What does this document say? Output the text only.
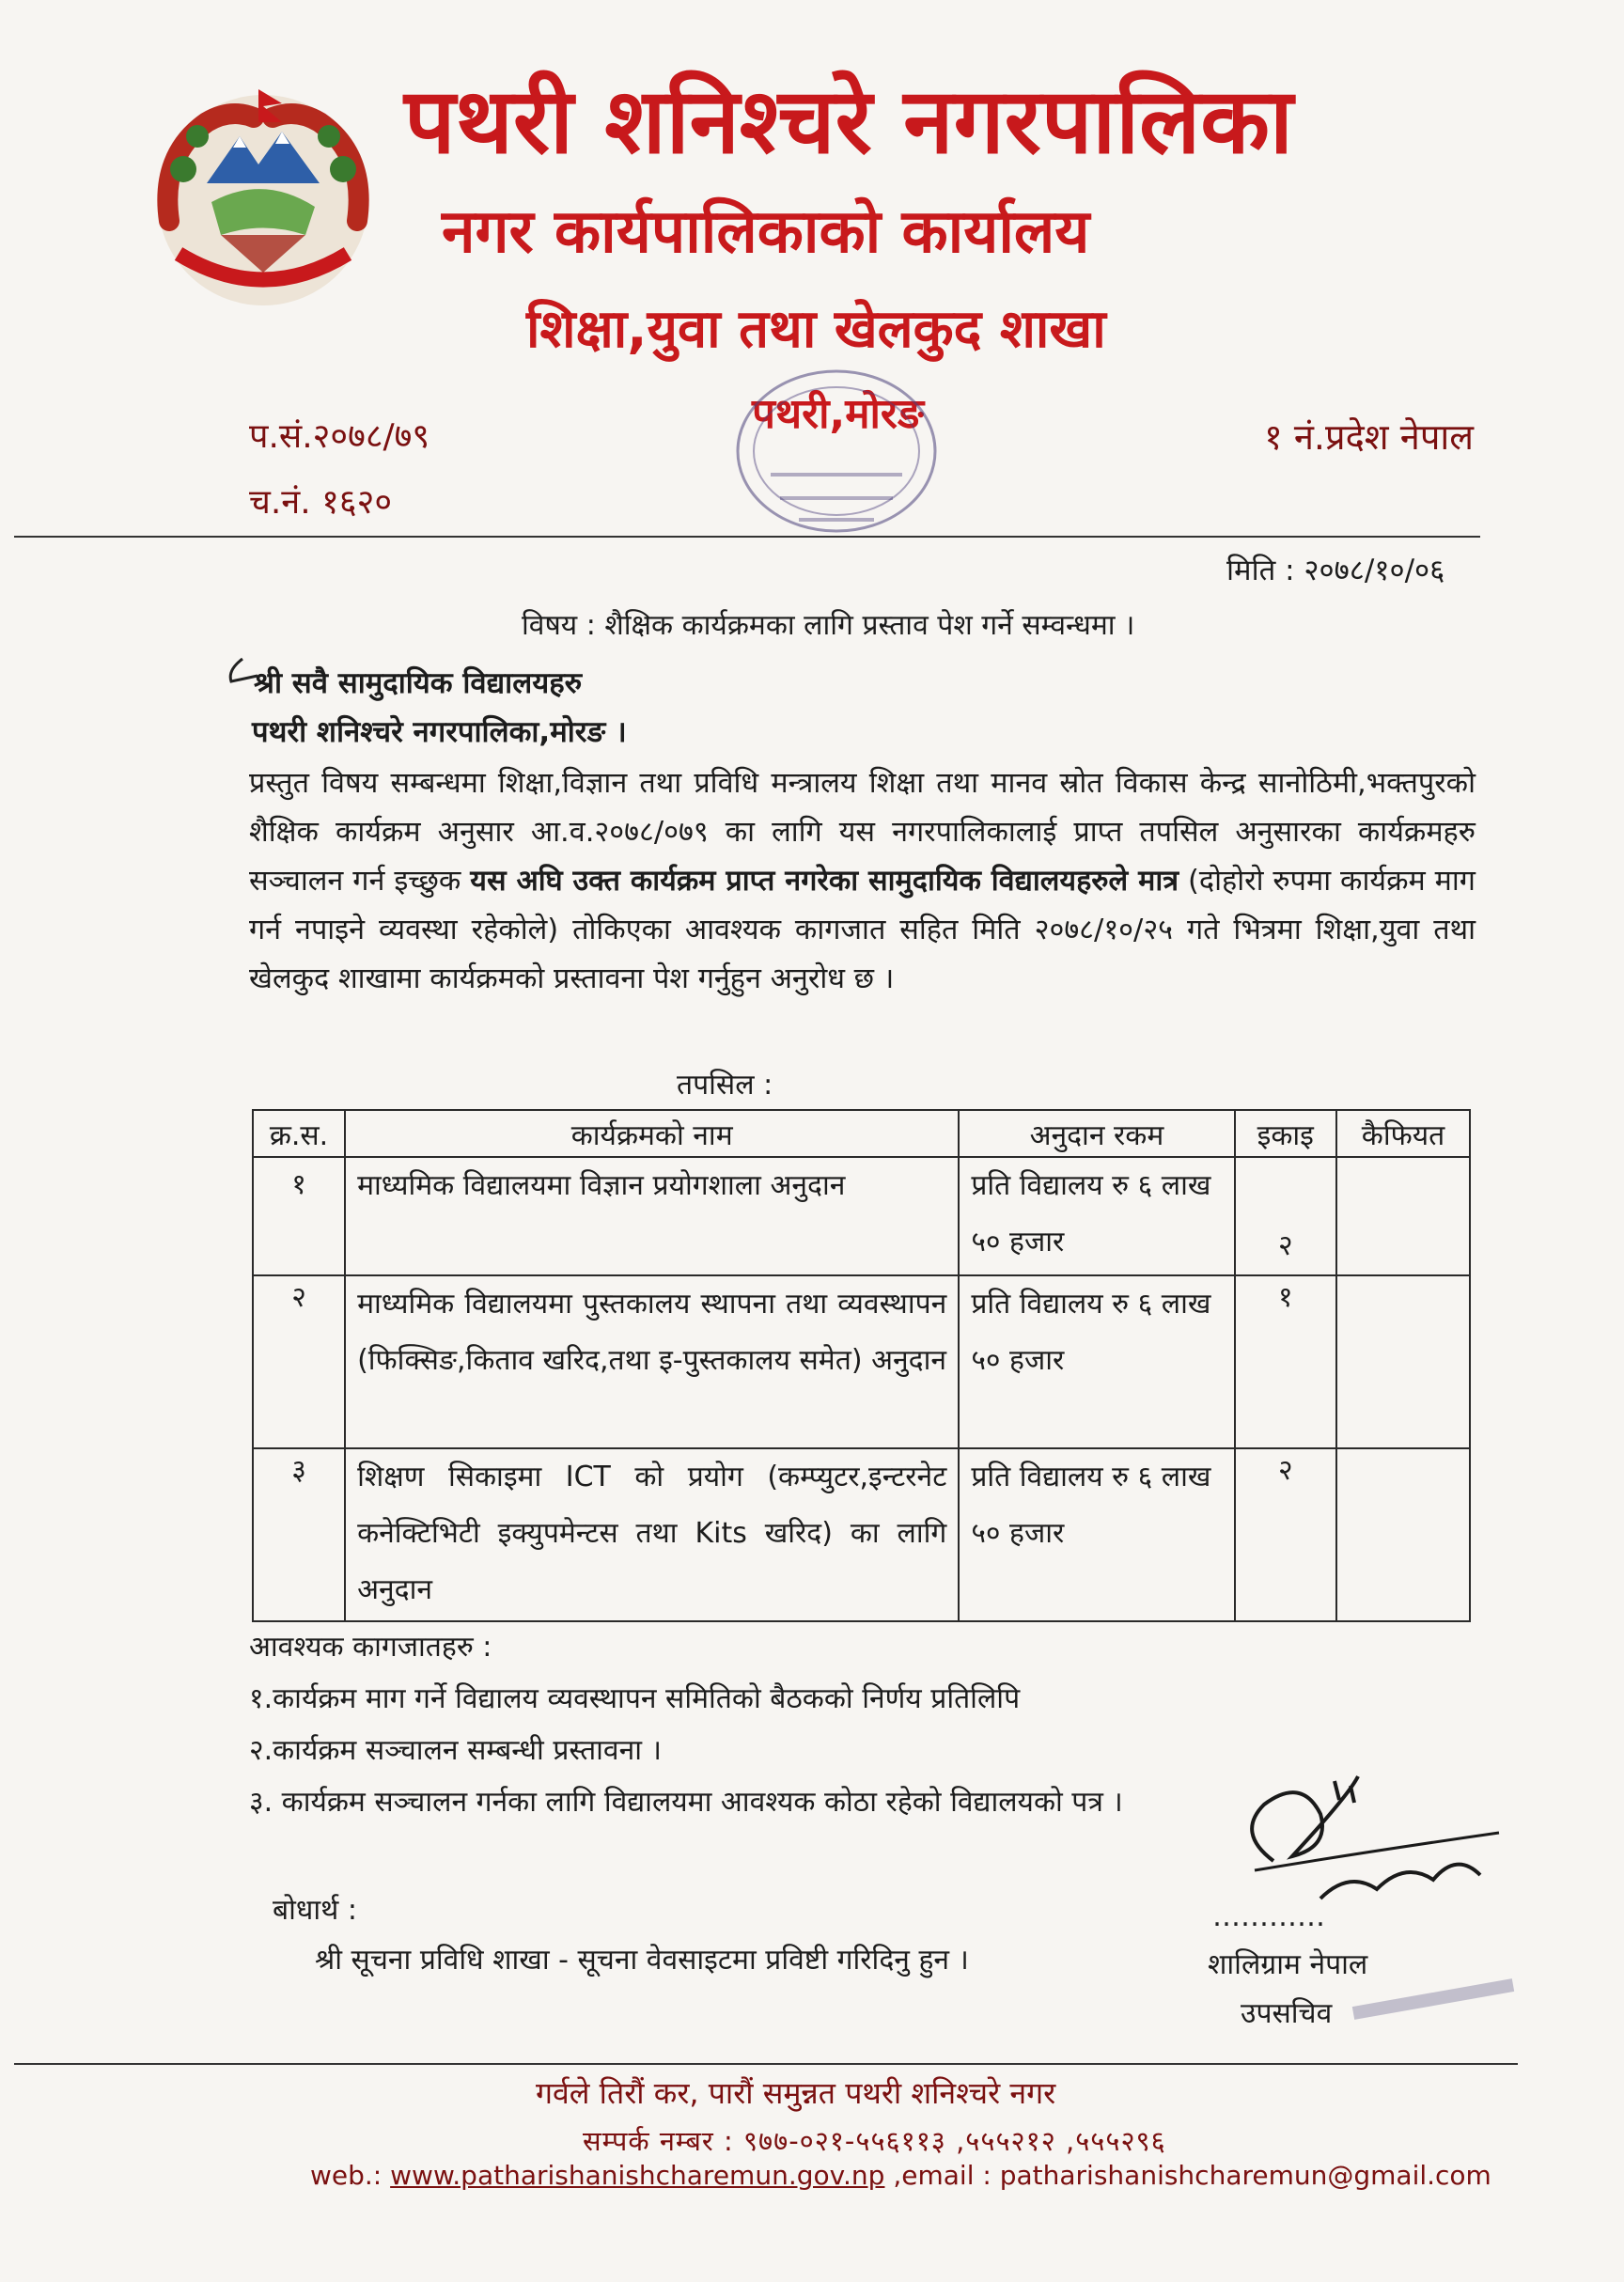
पथरी शनिश्चरे नगरपालिका
नगर कार्यपालिकाको कार्यालय
शिक्षा,युवा तथा खेलकुद शाखा
पथरी,मोरङ
प.सं.२०७८/७९
च.नं. १६२०
१ नं.प्रदेश नेपाल
मिति : २०७८/१०/०६
विषय : शैक्षिक कार्यक्रमका लागि प्रस्ताव पेश गर्ने सम्वन्धमा ।
श्री सवै सामुदायिक विद्यालयहरु
पथरी शनिश्चरे नगरपालिका,मोरङ ।
प्रस्तुत विषय सम्बन्धमा शिक्षा,विज्ञान तथा प्रविधि मन्त्रालय शिक्षा तथा मानव स्रोत विकास केन्द्र सानोठिमी,भक्तपुरको शैक्षिक कार्यक्रम अनुसार आ.व.२०७८/०७९ का लागि यस नगरपालिकालाई प्राप्त तपसिल अनुसारका कार्यक्रमहरु सञ्चालन गर्न इच्छुक यस अघि उक्त कार्यक्रम प्राप्त नगरेका सामुदायिक विद्यालयहरुले मात्र (दोहोरो रुपमा कार्यक्रम माग गर्न नपाइने व्यवस्था रहेकोले) तोकिएका आवश्यक कागजात सहित मिति २०७८/१०/२५ गते भित्रमा शिक्षा,युवा तथा खेलकुद शाखामा कार्यक्रमको प्रस्तावना पेश गर्नुहुन अनुरोध छ ।
तपसिल :
क्र.स.	कार्यक्रमको नाम	अनुदान रकम	इकाइ	कैफियत
१	माध्यमिक विद्यालयमा विज्ञान प्रयोगशाला अनुदान	प्रति विद्यालय रु ६ लाख ५० हजार	२	
२	माध्यमिक विद्यालयमा पुस्तकालय स्थापना तथा व्यवस्थापन (फिक्सिङ,किताव खरिद,तथा इ-पुस्तकालय समेत) अनुदान	प्रति विद्यालय रु ६ लाख ५० हजार	१	
३	शिक्षण सिकाइमा ICT को प्रयोग (कम्प्युटर,इन्टरनेट कनेक्टिभिटी इक्युपमेन्टस तथा Kits खरिद) का लागि अनुदान	प्रति विद्यालय रु ६ लाख ५० हजार	२	
आवश्यक कागजातहरु :
१.कार्यक्रम माग गर्ने विद्यालय व्यवस्थापन समितिको बैठकको निर्णय प्रतिलिपि
२.कार्यक्रम सञ्चालन सम्बन्धी प्रस्तावना ।
३. कार्यक्रम सञ्चालन गर्नका लागि विद्यालयमा आवश्यक कोठा रहेको विद्यालयको पत्र ।
बोधार्थ :
श्री सूचना प्रविधि शाखा - सूचना वेवसाइटमा प्रविष्टी गरिदिनु हुन ।
…………
शालिग्राम नेपाल
उपसचिव
गर्वले तिरौं कर, पारौं समुन्नत पथरी शनिश्चरे नगर
सम्पर्क नम्बर : ९७७-०२१-५५६११३ ,५५५२१२ ,५५५२९६
web.: www.patharishanishcharemun.gov.np ,email : patharishanishcharemun@gmail.com
